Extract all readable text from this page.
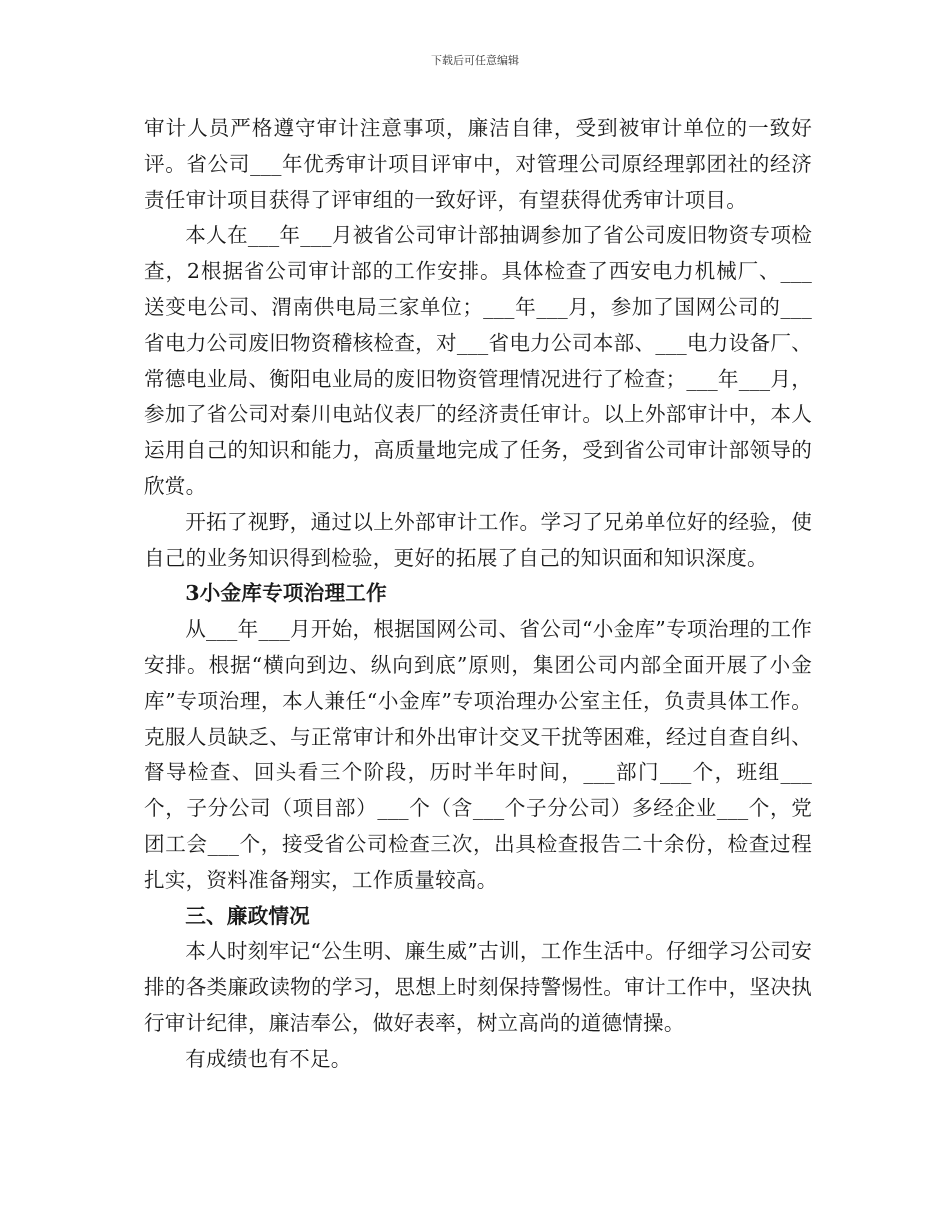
下载后可任意编辑

审计人员严格遵守审计注意事项，廉洁自律，受到被审计单位的一致好评。省公司___年优秀审计项目评审中，对管理公司原经理郭团社的经济责任审计项目获得了评审组的一致好评，有望获得优秀审计项目。

本人在___年___月被省公司审计部抽调参加了省公司废旧物资专项检查，2根据省公司审计部的工作安排。具体检查了西安电力机械厂、___送变电公司、渭南供电局三家单位；___年___月，参加了国网公司的___省电力公司废旧物资稽核检查，对___省电力公司本部、___电力设备厂、常德电业局、衡阳电业局的废旧物资管理情况进行了检查；___年___月，参加了省公司对秦川电站仪表厂的经济责任审计。以上外部审计中，本人运用自己的知识和能力，高质量地完成了任务，受到省公司审计部领导的欣赏。

开拓了视野，通过以上外部审计工作。学习了兄弟单位好的经验，使自己的业务知识得到检验，更好的拓展了自己的知识面和知识深度。

3小金库专项治理工作

从___年___月开始，根据国网公司、省公司“小金库”专项治理的工作安排。根据“横向到边、纵向到底”原则，集团公司内部全面开展了小金库”专项治理，本人兼任“小金库”专项治理办公室主任，负责具体工作。克服人员缺乏、与正常审计和外出审计交叉干扰等困难，经过自查自纠、督导检查、回头看三个阶段，历时半年时间，___部门___个，班组___个，子分公司（项目部）___个（含___个子分公司）多经企业___个，党团工会___个，接受省公司检查三次，出具检查报告二十余份，检查过程扎实，资料准备翔实，工作质量较高。

三、廉政情况

本人时刻牢记“公生明、廉生威”古训，工作生活中。仔细学习公司安排的各类廉政读物的学习，思想上时刻保持警惕性。审计工作中，坚决执行审计纪律，廉洁奉公，做好表率，树立高尚的道德情操。

有成绩也有不足。
